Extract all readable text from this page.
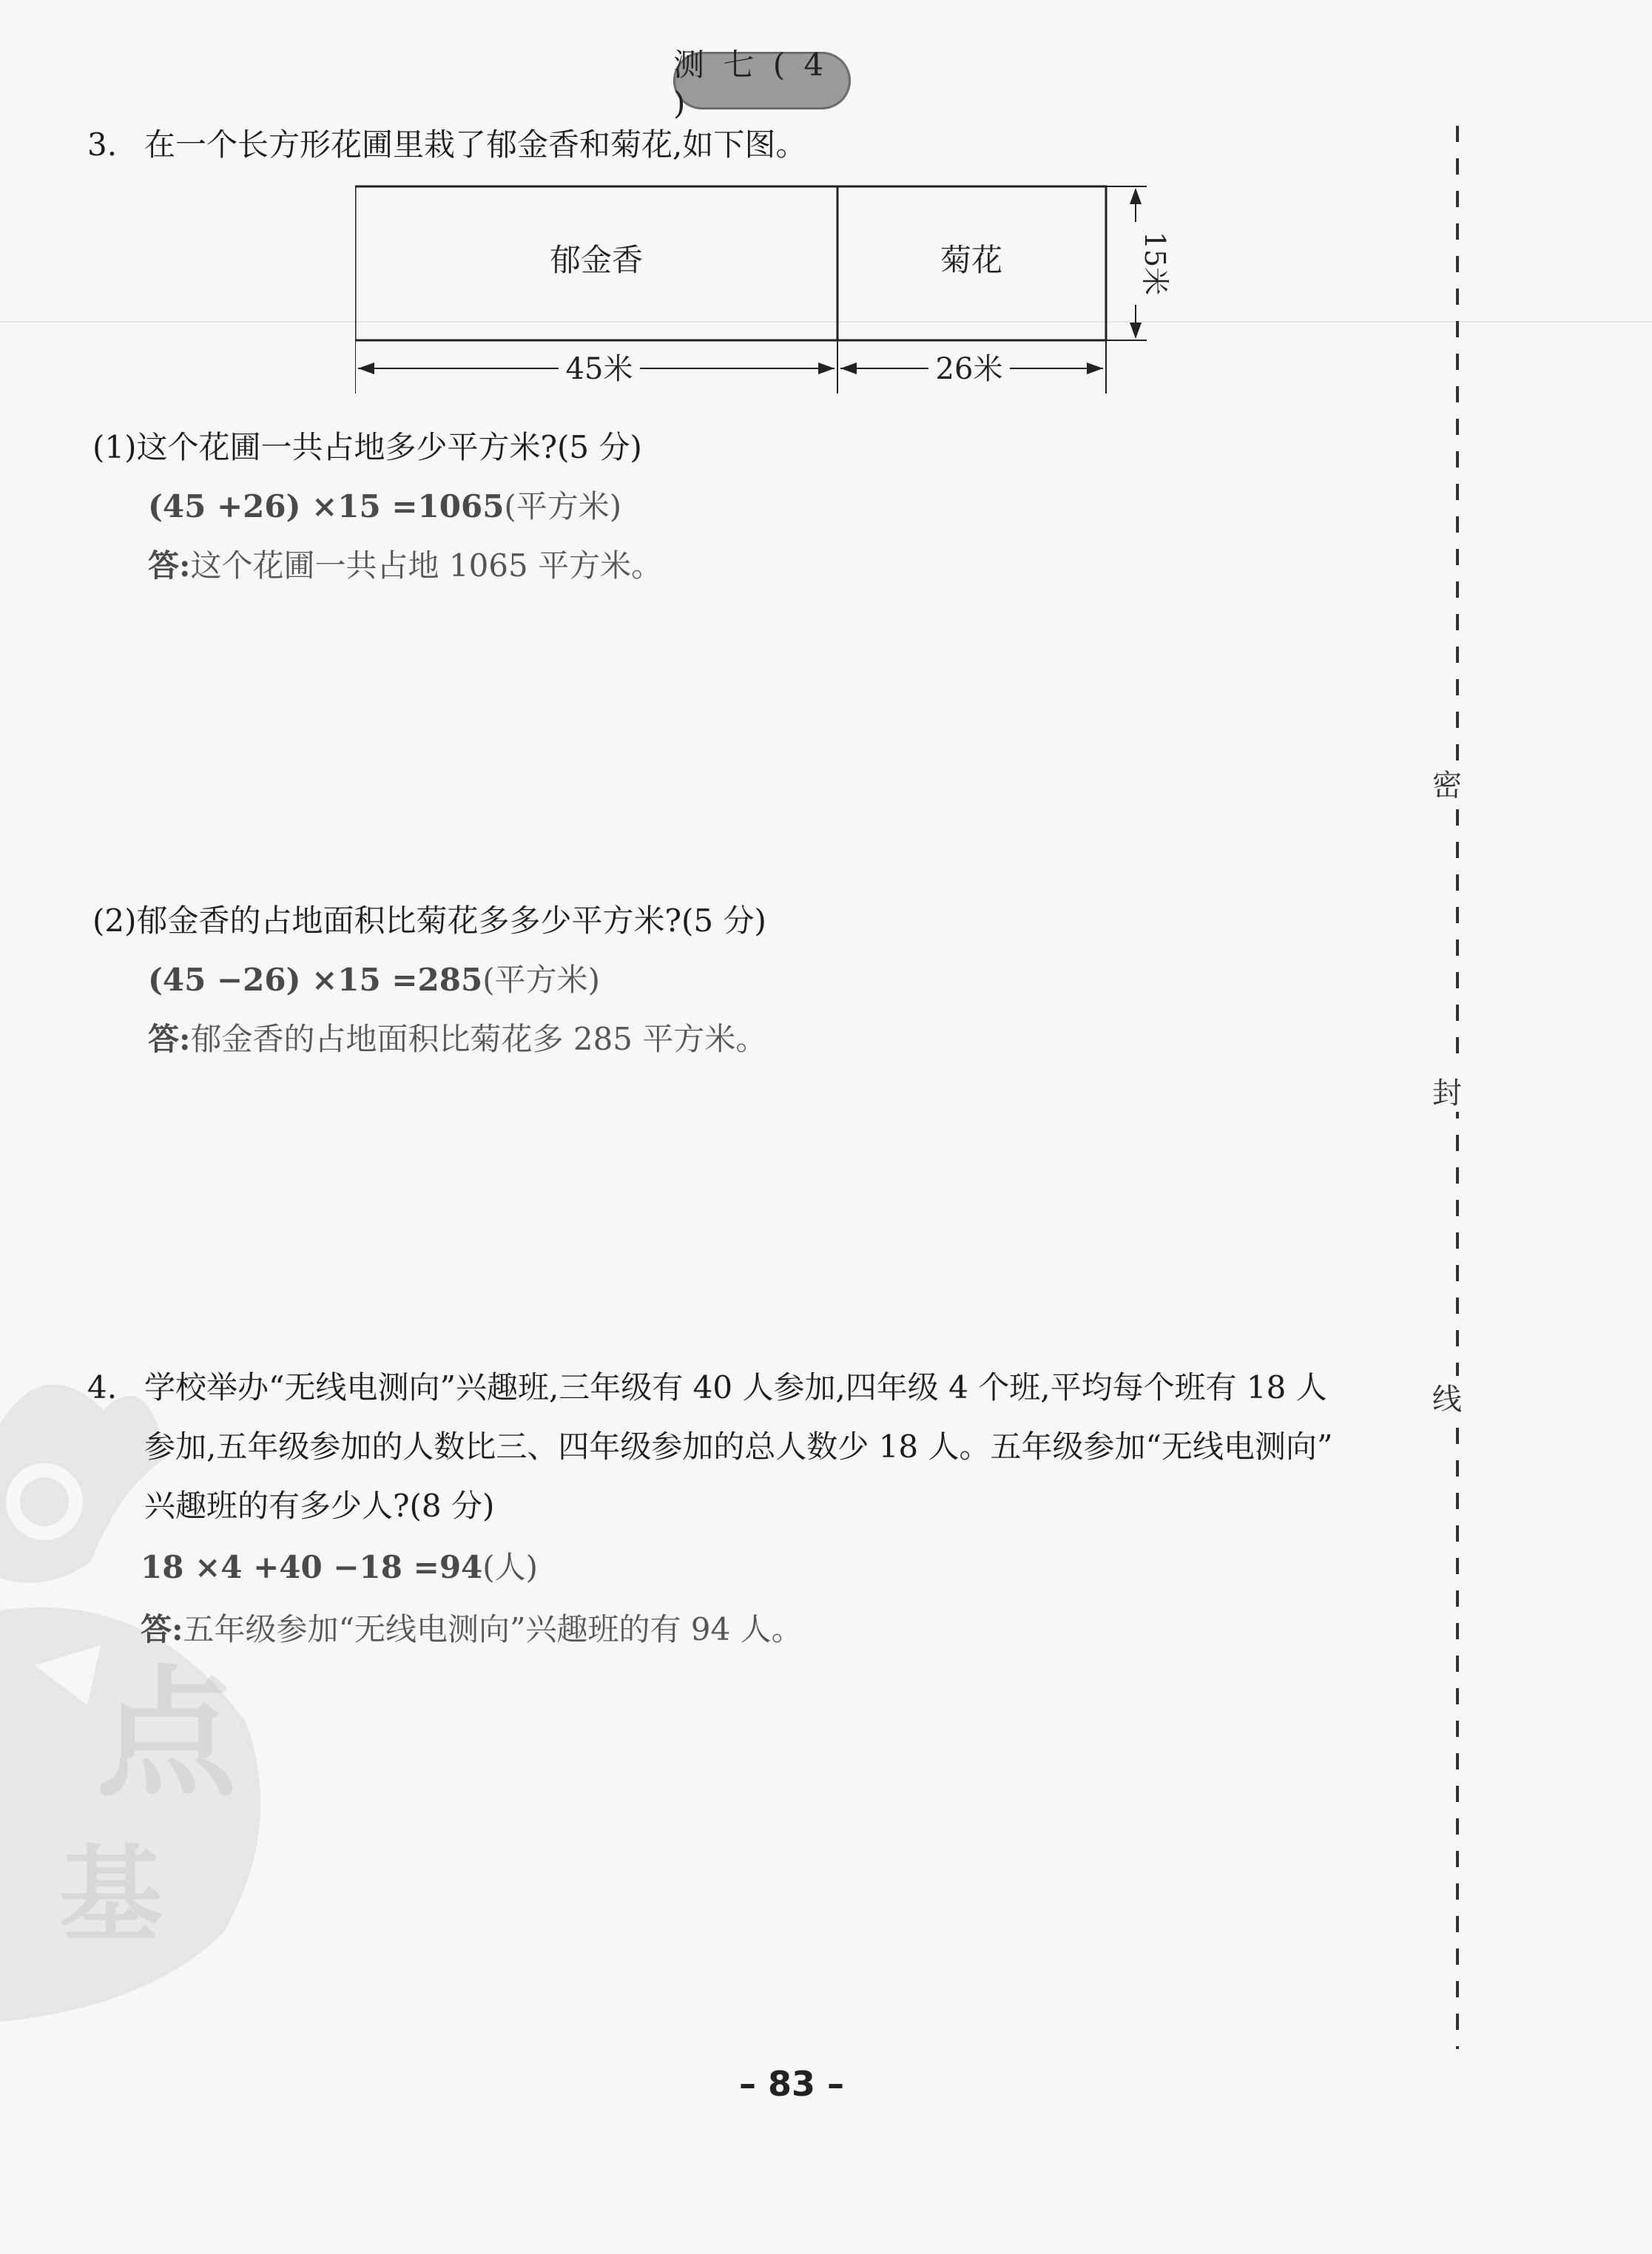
点
基
测 七 ( 4 )
3. 在一个长方形花圃里栽了郁金香和菊花,如下图。
郁金香	菊花
45米	26米
15米
(1)这个花圃一共占地多少平方米?(5 分)
(45 +26) ×15 =1065(平方米)
答:这个花圃一共占地 1065 平方米。
(2)郁金香的占地面积比菊花多多少平方米?(5 分)
(45 −26) ×15 =285(平方米)
答:郁金香的占地面积比菊花多 285 平方米。
4. 学校举办“无线电测向”兴趣班,三年级有 40 人参加,四年级 4 个班,平均每个班有 18 人
参加,五年级参加的人数比三、四年级参加的总人数少 18 人。五年级参加“无线电测向”
兴趣班的有多少人?(8 分)
18 ×4 +40 −18 =94(人)
答:五年级参加“无线电测向”兴趣班的有 94 人。
密
封
线
– 83 –
